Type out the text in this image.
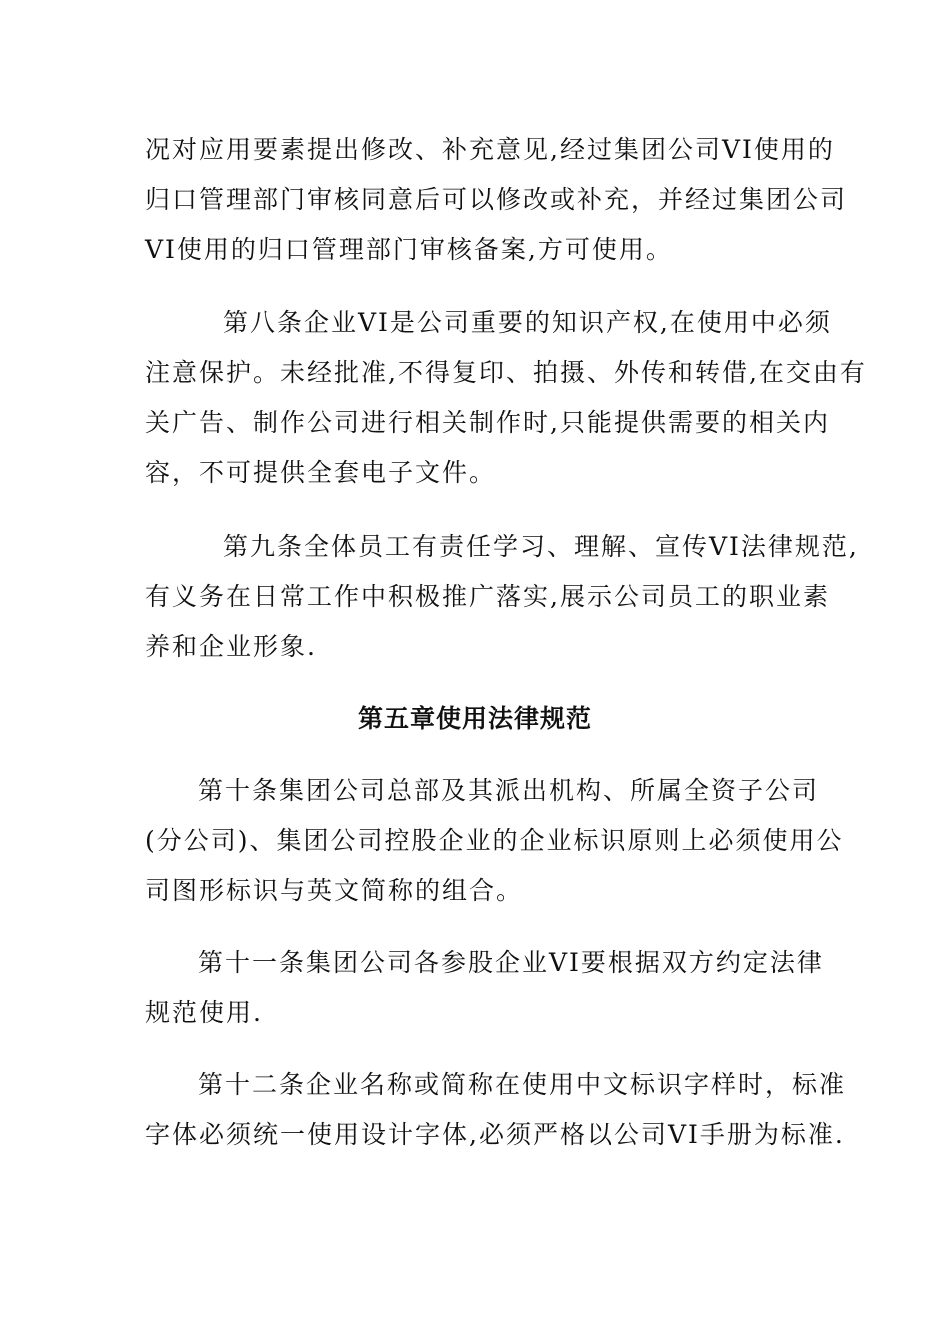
况对应用要素提出修改、补充意见,经过集团公司VI使用的
归口管理部门审核同意后可以修改或补充，并经过集团公司
VI使用的归口管理部门审核备案,方可使用。
第八条企业VI是公司重要的知识产权,在使用中必须
注意保护。未经批准,不得复印、拍摄、外传和转借,在交由有
关广告、制作公司进行相关制作时,只能提供需要的相关内
容，不可提供全套电子文件。
第九条全体员工有责任学习、理解、宣传VI法律规范,
有义务在日常工作中积极推广落实,展示公司员工的职业素
养和企业形象.
第五章使用法律规范
第十条集团公司总部及其派出机构、所属全资子公司
(分公司)、集团公司控股企业的企业标识原则上必须使用公
司图形标识与英文简称的组合。
第十一条集团公司各参股企业VI要根据双方约定法律
规范使用.
第十二条企业名称或简称在使用中文标识字样时，标准
字体必须统一使用设计字体,必须严格以公司VI手册为标准.
